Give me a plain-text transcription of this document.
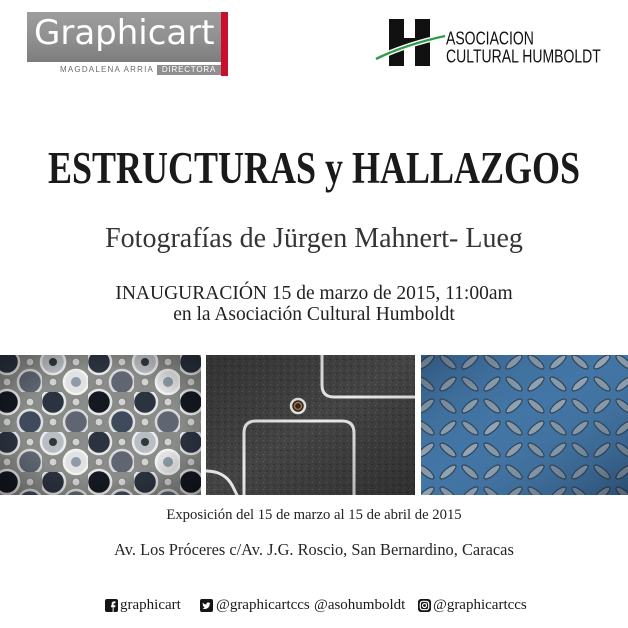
Graphicart
MAGDALENA ARRIA DIRECTORA
ASOCIACION
CULTURAL HUMBOLDT
ESTRUCTURAS y HALLAZGOS
Fotografías de Jürgen Mahnert- Lueg
INAUGURACIÓN 15 de marzo de 2015, 11:00am
en la Asociación Cultural Humboldt
Exposición del 15 de marzo al 15 de abril de 2015
Av. Los Próceres c/Av. J.G. Roscio, San Bernardino, Caracas
graphicart @graphicartccs @asohumboldt @graphicartccs
